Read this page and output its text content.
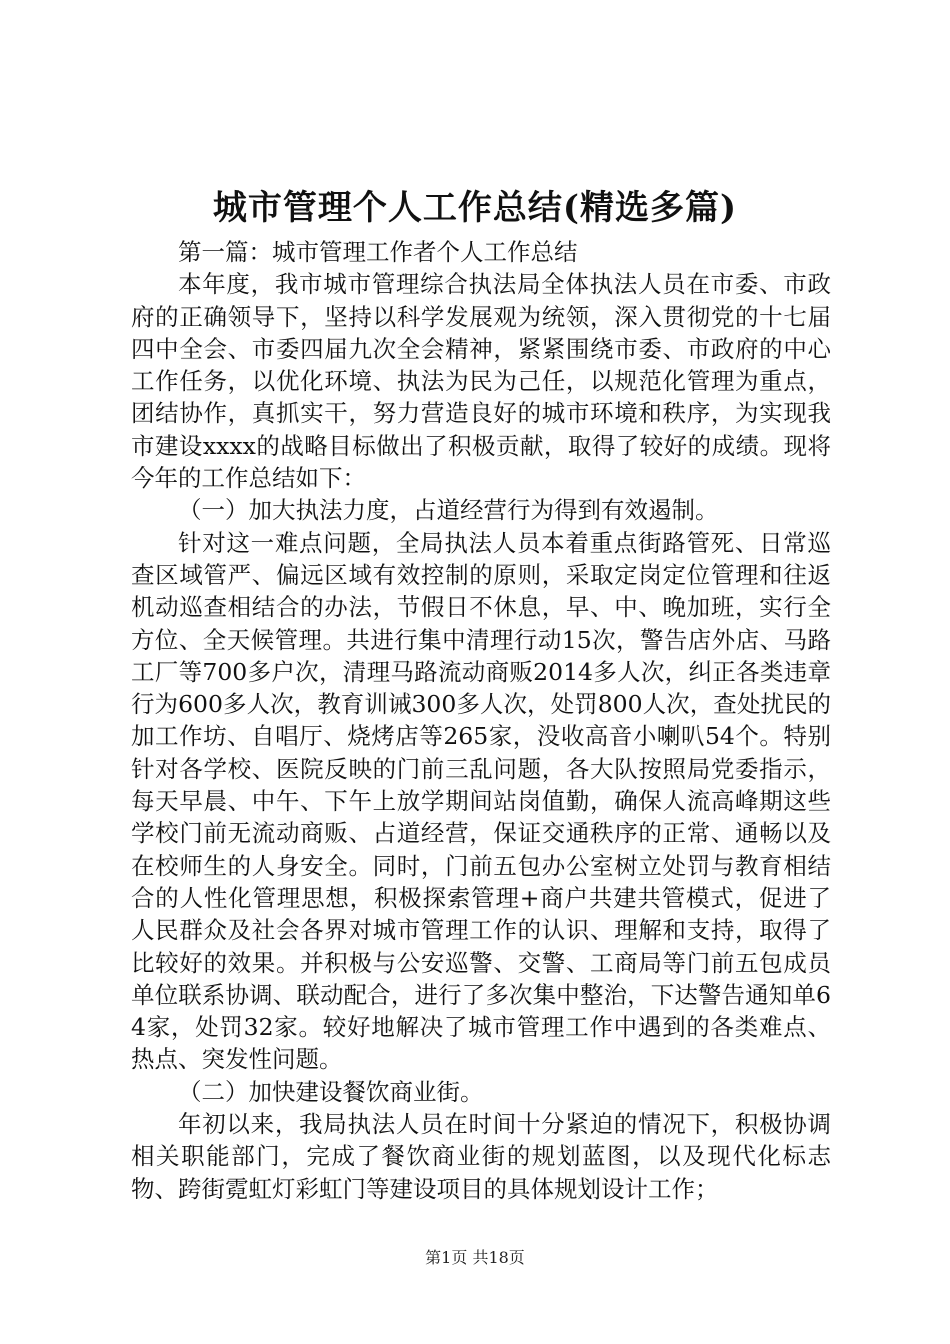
城市管理个人工作总结(精选多篇)

第一篇：城市管理工作者个人工作总结

本年度，我市城市管理综合执法局全体执法人员在市委、市政府的正确领导下，坚持以科学发展观为统领，深入贯彻党的十七届四中全会、市委四届九次全会精神，紧紧围绕市委、市政府的中心工作任务，以优化环境、执法为民为己任，以规范化管理为重点，团结协作，真抓实干，努力营造良好的城市环境和秩序，为实现我市建设xxxx的战略目标做出了积极贡献，取得了较好的成绩。现将今年的工作总结如下：

（一）加大执法力度，占道经营行为得到有效遏制。

针对这一难点问题，全局执法人员本着重点街路管死、日常巡查区域管严、偏远区域有效控制的原则，采取定岗定位管理和往返机动巡查相结合的办法，节假日不休息，早、中、晚加班，实行全方位、全天候管理。共进行集中清理行动15次，警告店外店、马路工厂等700多户次，清理马路流动商贩2014多人次，纠正各类违章行为600多人次，教育训诫300多人次，处罚800人次，查处扰民的加工作坊、自唱厅、烧烤店等265家，没收高音小喇叭54个。特别针对各学校、医院反映的门前三乱问题，各大队按照局党委指示，每天早晨、中午、下午上放学期间站岗值勤，确保人流高峰期这些学校门前无流动商贩、占道经营，保证交通秩序的正常、通畅以及在校师生的人身安全。同时，门前五包办公室树立处罚与教育相结合的人性化管理思想，积极探索管理+商户共建共管模式，促进了人民群众及社会各界对城市管理工作的认识、理解和支持，取得了比较好的效果。并积极与公安巡警、交警、工商局等门前五包成员单位联系协调、联动配合，进行了多次集中整治，下达警告通知单64家，处罚32家。较好地解决了城市管理工作中遇到的各类难点、热点、突发性问题。

（二）加快建设餐饮商业街。

年初以来，我局执法人员在时间十分紧迫的情况下，积极协调相关职能部门，完成了餐饮商业街的规划蓝图，以及现代化标志物、跨街霓虹灯彩虹门等建设项目的具体规划设计工作；

第1页 共18页
